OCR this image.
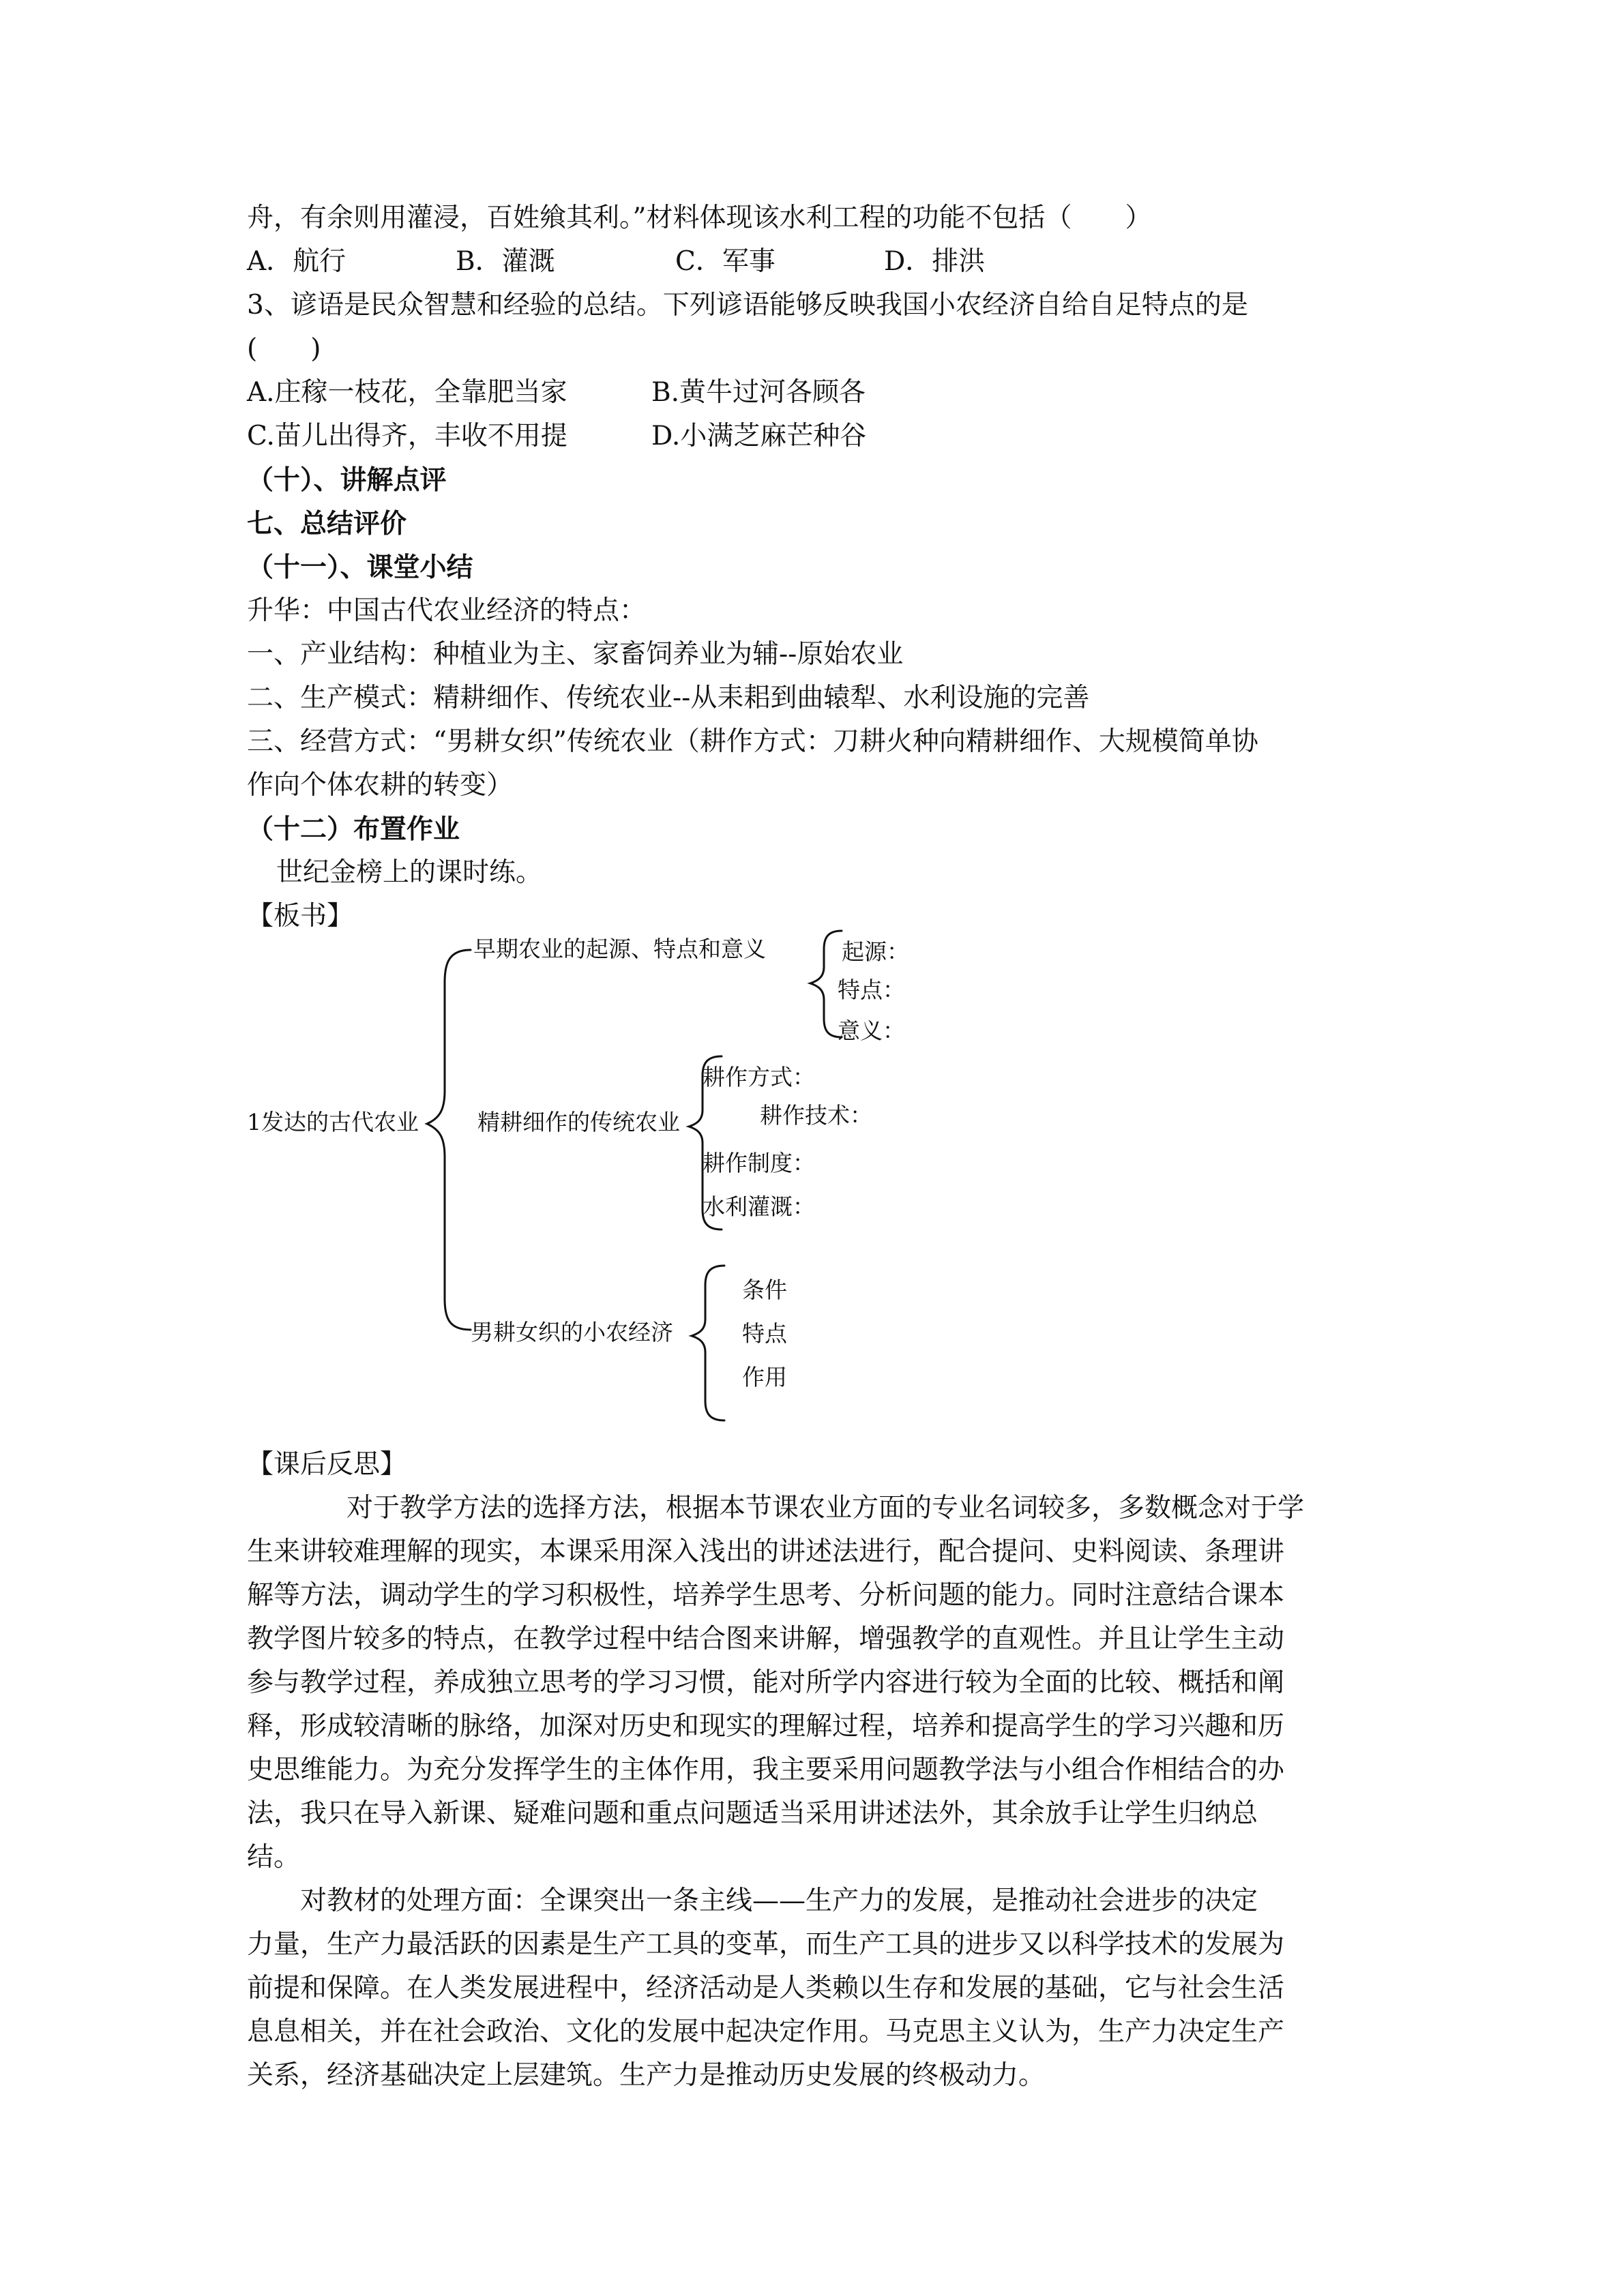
舟，有余则用灌浸，百姓飨其利。”材料体现该水利工程的功能不包括（　　）
A．航行	B．灌溉	C．军事	D．排洪
3、谚语是民众智慧和经验的总结。下列谚语能够反映我国小农经济自给自足特点的是
(　　)
A.庄稼一枝花，全靠肥当家	B.黄牛过河各顾各
C.苗儿出得齐，丰收不用提	D.小满芝麻芒种谷
（十）、讲解点评
七、总结评价
（十一）、课堂小结
升华：中国古代农业经济的特点：
一、产业结构：种植业为主、家畜饲养业为辅--原始农业
二、生产模式：精耕细作、传统农业--从耒耜到曲辕犁、水利设施的完善
三、经营方式：“男耕女织”传统农业（耕作方式：刀耕火种向精耕细作、大规模简单协
作向个体农耕的转变）
（十二）布置作业
世纪金榜上的课时练。
【板书】
1发达的古代农业
早期农业的起源、特点和意义	起源：
特点：
意义：
精耕细作的传统农业
耕作方式：
耕作技术：
耕作制度：
水利灌溉：
男耕女织的小农经济
条件
特点
作用
【课后反思】
对于教学方法的选择方法，根据本节课农业方面的专业名词较多，多数概念对于学
生来讲较难理解的现实，本课采用深入浅出的讲述法进行，配合提问、史料阅读、条理讲
解等方法，调动学生的学习积极性，培养学生思考、分析问题的能力。同时注意结合课本
教学图片较多的特点，在教学过程中结合图来讲解，增强教学的直观性。并且让学生主动
参与教学过程，养成独立思考的学习习惯，能对所学内容进行较为全面的比较、概括和阐
释，形成较清晰的脉络，加深对历史和现实的理解过程，培养和提高学生的学习兴趣和历
史思维能力。为充分发挥学生的主体作用，我主要采用问题教学法与小组合作相结合的办
法，我只在导入新课、疑难问题和重点问题适当采用讲述法外，其余放手让学生归纳总
结。
对教材的处理方面：全课突出一条主线——生产力的发展，是推动社会进步的决定
力量，生产力最活跃的因素是生产工具的变革，而生产工具的进步又以科学技术的发展为
前提和保障。在人类发展进程中，经济活动是人类赖以生存和发展的基础，它与社会生活
息息相关，并在社会政治、文化的发展中起决定作用。马克思主义认为，生产力决定生产
关系，经济基础决定上层建筑。生产力是推动历史发展的终极动力。
